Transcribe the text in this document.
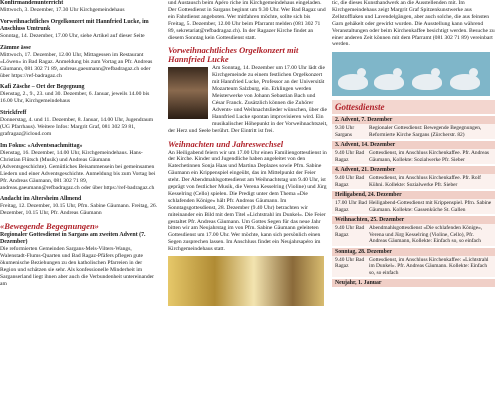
Konfirmandenunterricht

Mittwoch, 3. Dezember, 17.30 Uhr Kirchgemeindehaus

Vorweihnachtliches Orgelkonzert mit Hannfried Lucke, im Anschluss Umtrunk

Sonntag, 14. Dezember, 17.00 Uhr, siehe Artikel auf dieser Seite

Zämme ässe

Mittwoch, 17. Dezember, 12.00 Uhr, Mittagessen im Restaurant «Löwen» in Bad Ragaz. Anmeldung bis zum Vortag an Pfr. Andreas Gäumann, 081 302 71 89, andreas.gaeumann@refbadragaz.ch oder über https://ref-badragaz.ch

Kafi Zäsche – Ort der Begegnung

Dienstag, 2., 9., 23. und 30. Dezember, 6. Januar, jeweils 14.00 bis 16.00 Uhr, Kirchgemeindehaus

Strickfreff

Donnerstag, 4. und 11. Dezember, 8. Januar, 14.00 Uhr, Jugendraum (UG Pfarrhaus). Weitere Infos: Margrit Graf, 081 302 59 81, grafragaz@icloud.com

Im Fokus: «Adventsnachmittag»

Dienstag, 16. Dezember, 14.00 Uhr, Kirchgemeindehaus. Hans-Christian Flütsch (Musik) und Andreas Gäumann (Adventsgeschichte). Gemütliches Beisammensein bei gemeinsamen Liedern und einer Adventsgeschichte. Anmeldung bis zum Vortag bei Pfr. Andreas Gäumann, 081 302 71 89, andreas.gaeumann@refbadragaz.ch oder über https://ref-badragaz.ch

Andacht im Altersheim Allmend

Freitag, 12. Dezember, 10.15 Uhr, Pfrn. Sabine Gäumann. Freitag, 26. Dezember, 10.15 Uhr, Pfr. Andreas Gäumann

«Bewegende Begegnungen»

Regionaler Gottesdienst in Sargans am zweiten Advent (7. Dezember)

Die reformierten Gemeinden Sargans-Mels-Vilters-Wangs, Walenstadt-Flums-Quarten und Bad Ragaz-Pfäfers pflegen gute ökumenische Beziehungen zu den katholischen Pfarreien in der Region und schätzen sie sehr. Als konfessionelle Minderheit im Sarganserland liegt ihnen aber auch die Verbundenheit untereinander am

und Austausch beim Apéro riche im Kirchgemeindehaus eingeladen. Der Gottesdienst in Sargans beginnt um 9.30 Uhr. Wer Bad Ragaz und ein Fahrdienst angeboten. Wer mitfahren möchte, sollte sich bis Freitag, 5. Dezember, 12.00 Uhr beim Pfarramt melden (081 302 71 89, sekretariat@refbadragaz.ch). In der Ragazer Kirche findet an diesem Sonntag kein Gottesdienst statt.

Vorweihnachtliches Orgelkonzert mit Hannfried Lucke

Am Sonntag, 14. Dezember um 17.00 Uhr lädt die Kirchgemeinde zu einem festlichen Orgelkonzert mit Hannfried Lucke, Professor an der Universität Mozarteum Salzburg, ein. Erklingen werden Meisterwerke von Johann Sebastian Bach und César Franck. Zusätzlich können die Zuhörer Advents- und Weihnachtslieder wünschen, über die Hannfried Lucke spontan improvisieren wird. Ein musikalischer Höhepunkt in der Vorweihnachtszeit, der Herz und Seele berührt. Der Eintritt ist frei.

Weihnachten und Jahreswechsel

An Heiligabend feiern wir um 17.00 Uhr einen Familiengottesdienst in der Kirche. Kinder und Jugendliche haben angeleitet von den Katechetinnen Sonja Haas und Martina Deplazes sowie Pfrn. Sabine Gäumann ein Krippenspiel eingeübt, das im Mittelpunkt der Feier steht. Der Abendmahlsgottesdienst am Weihnachtstag um 9.40 Uhr, ist geprägt von festlicher Musik, die Verena Kesselring (Violine) und Jürg Kesselring (Cello) spielen. Die Predigt unter dem Thema «Die schlafenden Könige» hält Pfr. Andreas Gäumann. Im Sonntagsgottesdienst, 28. Dezember (9.40 Uhr) betrachten wir miteinander ein Bild mit dem Titel «Lichtstrahl im Dunkel». Die Feier gestaltet Pfr. Andreas Gäumann. Um Gottes Segen für das neue Jahr bitten wir am Neujahrstag im von Pfrn. Sabine Gäumann geleiteten Gottesdienst um 17.00 Uhr. Wer möchte, kann sich persönlich einen Segen zusprechen lassen. Im Anschluss findet ein Neujahrsapéro im Kirchgemeindehaus statt.

tic, die dieses Kunsthandwerk an die Ausstellenden mit. Im Kirchgemeindehaus zeigt Margrit Graf Spitzenkunstwerke aus Zellstofflaken und Lavendelgängen, aber auch solche, die aus feinsten Garn gehäkelt oder gewirkt wurden. Die Ausstellung kann während Veranstaltungen oder beim Kirchenkaffee besichtigt werden. Besuche zu einer anderen Zeit können mit dem Pfarramt (081 302 71 89) vereinbart werden.

Gottesdienste
2. Advent, 7. Dezember
9.30 Uhr Sargans
Regionaler Gottesdienst: Bewegende Begegnungen, Reformierte Kirche Sargans (Zürcherstr. 82)
3. Advent, 14. Dezember
9.40 Uhr Bad Ragaz
Gottesdienst, im Anschluss Kirchenkaffee. Pfr. Andreas Gäumann, Kollekte: Sozialwerke Pfr. Sieber
4. Advent, 21. Dezember
9.40 Uhr Bad Ragaz
Gottesdienst, im Anschluss Kirchenkaffee. Pfr. Rolf Kühni. Kollekte: Sozialwerke Pfr. Sieber
Heiligabend, 24. Dezember
17.00 Uhr Bad Ragaz
Heiligabend-Gottesdienst mit Krippenspiel. Pfrn. Sabine Gäumann. Kollekte: Gassenküche St. Gallen
Weihnachten, 25. Dezember
9.40 Uhr Bad Ragaz
Abendmahlsgottesdienst «Die schlafenden Könige», Verena und Jürg Kesselring (Violine, Cello), Pfr. Andreas Gäumann, Kollekte: Einfach so, so einfach
Sonntag, 28. Dezember
9.40 Uhr Bad Ragaz
Gottesdienst, im Anschluss Kirchenkaffee: «Lichtstrahl im Dunkel». Pfr. Andreas Gäumann. Kollekte: Einfach so, so einfach
Neujahr, 1. Januar
